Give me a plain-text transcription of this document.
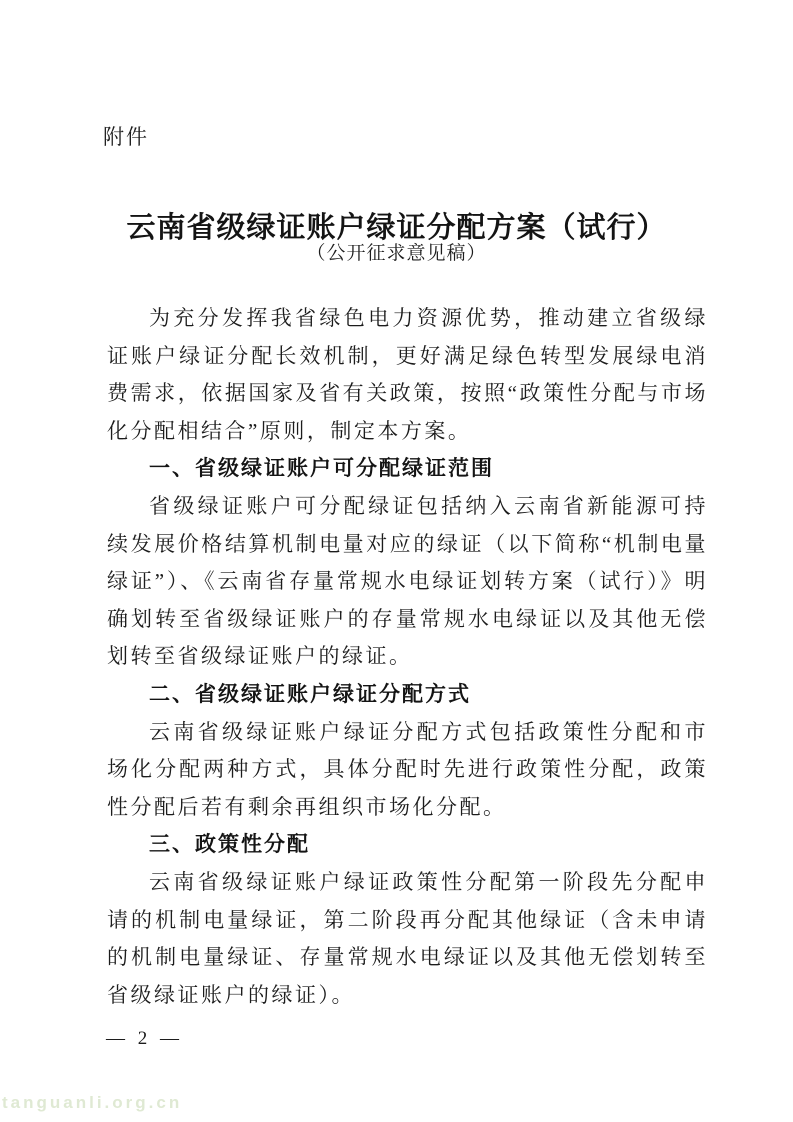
附件
云南省级绿证账户绿证分配方案（试行）
（公开征求意见稿）

为充分发挥我省绿色电力资源优势，推动建立省级绿证账户绿证分配长效机制，更好满足绿色转型发展绿电消费需求，依据国家及省有关政策，按照“政策性分配与市场化分配相结合”原则，制定本方案。

一、省级绿证账户可分配绿证范围

省级绿证账户可分配绿证包括纳入云南省新能源可持续发展价格结算机制电量对应的绿证（以下简称“机制电量绿证”）、《云南省存量常规水电绿证划转方案（试行）》明确划转至省级绿证账户的存量常规水电绿证以及其他无偿划转至省级绿证账户的绿证。

二、省级绿证账户绿证分配方式

云南省级绿证账户绿证分配方式包括政策性分配和市场化分配两种方式，具体分配时先进行政策性分配，政策性分配后若有剩余再组织市场化分配。

三、政策性分配

云南省级绿证账户绿证政策性分配第一阶段先分配申请的机制电量绿证，第二阶段再分配其他绿证（含未申请的机制电量绿证、存量常规水电绿证以及其他无偿划转至省级绿证账户的绿证）。

— 2 —
tanguanli.org.cn
